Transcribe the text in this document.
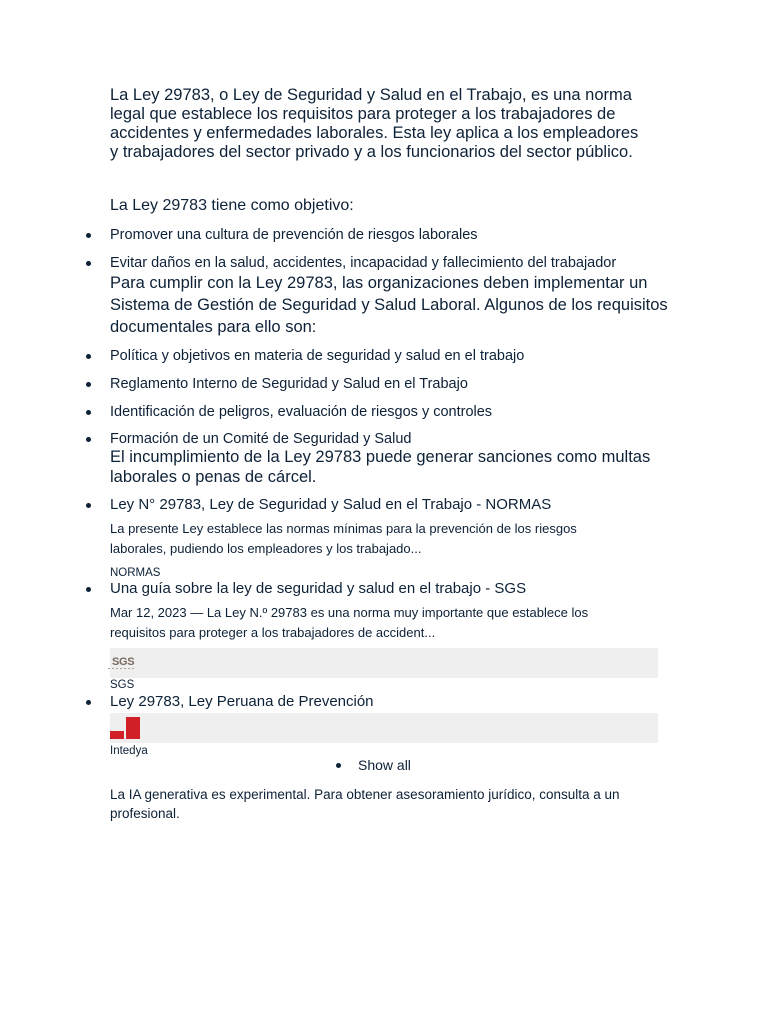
La Ley 29783, o Ley de Seguridad y Salud en el Trabajo, es una norma legal que establece los requisitos para proteger a los trabajadores de accidentes y enfermedades laborales. Esta ley aplica a los empleadores y trabajadores del sector privado y a los funcionarios del sector público.

La Ley 29783 tiene como objetivo:

Promover una cultura de prevención de riesgos laborales
Evitar daños en la salud, accidentes, incapacidad y fallecimiento del trabajador

Para cumplir con la Ley 29783, las organizaciones deben implementar un Sistema de Gestión de Seguridad y Salud Laboral. Algunos de los requisitos documentales para ello son:

Política y objetivos en materia de seguridad y salud en el trabajo
Reglamento Interno de Seguridad y Salud en el Trabajo
Identificación de peligros, evaluación de riesgos y controles
Formación de un Comité de Seguridad y Salud

El incumplimiento de la Ley 29783 puede generar sanciones como multas laborales o penas de cárcel.

Ley N° 29783, Ley de Seguridad y Salud en el Trabajo - NORMAS

La presente Ley establece las normas mínimas para la prevención de los riesgos laborales, pudiendo los empleadores y los trabajado...

NORMAS
Una guía sobre la ley de seguridad y salud en el trabajo - SGS

Mar 12, 2023 — La Ley N.º 29783 es una norma muy importante que establece los requisitos para proteger a los trabajadores de accident...

SGS
SGS
Ley 29783, Ley Peruana de Prevención
Intedya
Show all

La IA generativa es experimental. Para obtener asesoramiento jurídico, consulta a un profesional.
